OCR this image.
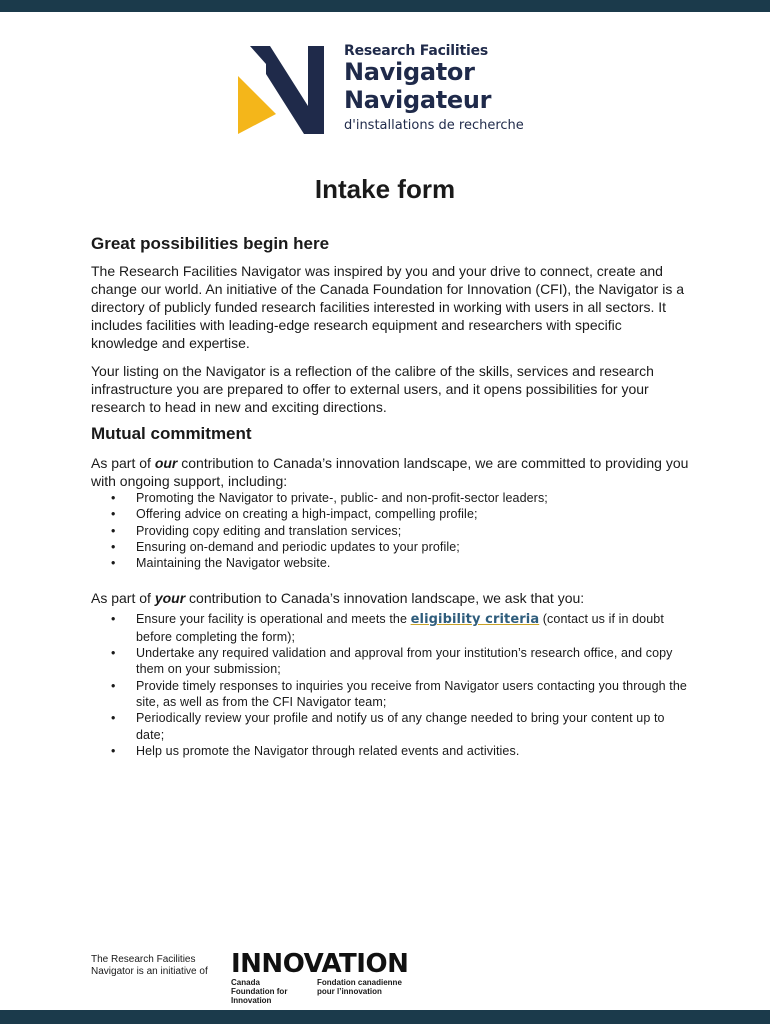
Research Facilities
Navigator
Navigateur
d'installations de recherche
Intake form
Great possibilities begin here

The Research Facilities Navigator was inspired by you and your drive to connect, create and change our world. An initiative of the Canada Foundation for Innovation (CFI), the Navigator is a directory of publicly funded research facilities interested in working with users in all sectors. It includes facilities with leading-edge research equipment and researchers with specific knowledge and expertise.

Your listing on the Navigator is a reflection of the calibre of the skills, services and research infrastructure you are prepared to offer to external users, and it opens possibilities for your research to head in new and exciting directions.

Mutual commitment

As part of our contribution to Canada’s innovation landscape, we are committed to providing you with ongoing support, including:

• Promoting the Navigator to private-, public- and non-profit-sector leaders;
• Offering advice on creating a high-impact, compelling profile;
• Providing copy editing and translation services;
• Ensuring on-demand and periodic updates to your profile;
• Maintaining the Navigator website.

As part of your contribution to Canada’s innovation landscape, we ask that you:

• Ensure your facility is operational and meets the eligibility criteria (contact us if in doubt before completing the form);
• Undertake any required validation and approval from your institution’s research office, and copy them on your submission;
• Provide timely responses to inquiries you receive from Navigator users contacting you through the site, as well as from the CFI Navigator team;
• Periodically review your profile and notify us of any change needed to bring your content up to date;
• Help us promote the Navigator through related events and activities.
The Research Facilities Navigator is an initiative of INNOVATION
Canada Foundation for Innovation
Fondation canadienne pour l’innovation
